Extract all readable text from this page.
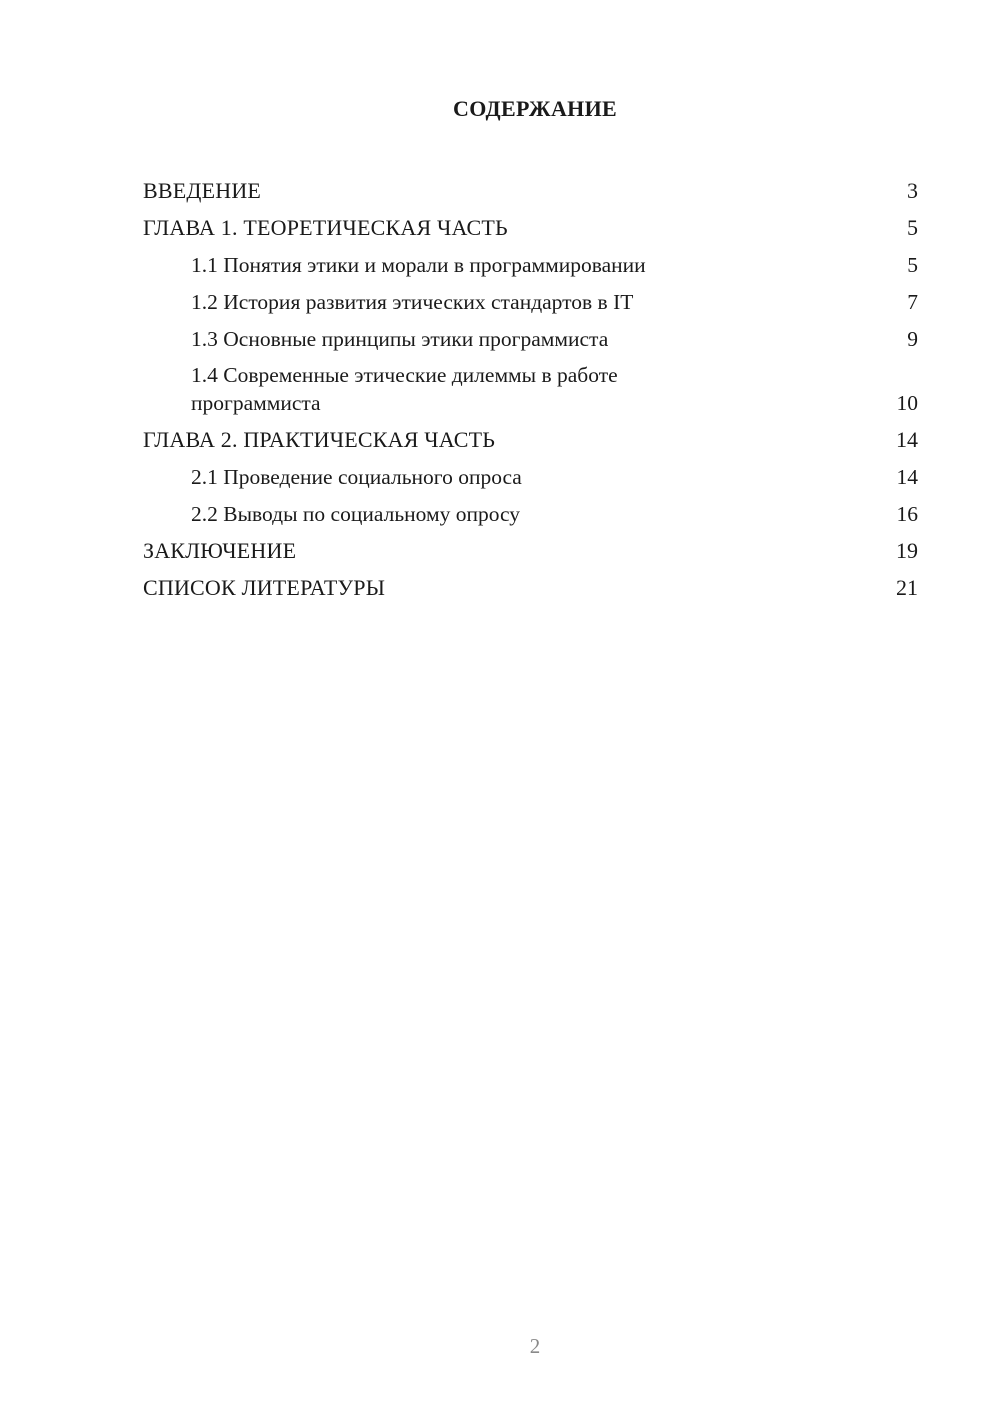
СОДЕРЖАНИЕ
ВВЕДЕНИЕ	3
ГЛАВА 1. ТЕОРЕТИЧЕСКАЯ ЧАСТЬ	5
1.1 Понятия этики и морали в программировании	5
1.2 История развития этических стандартов в IT	7
1.3 Основные принципы этики программиста	9
1.4 Современные этические дилеммы в работе программиста	10
ГЛАВА 2. ПРАКТИЧЕСКАЯ ЧАСТЬ	14
2.1 Проведение социального опроса	14
2.2 Выводы по социальному опросу	16
ЗАКЛЮЧЕНИЕ	19
СПИСОК ЛИТЕРАТУРЫ	21
2
